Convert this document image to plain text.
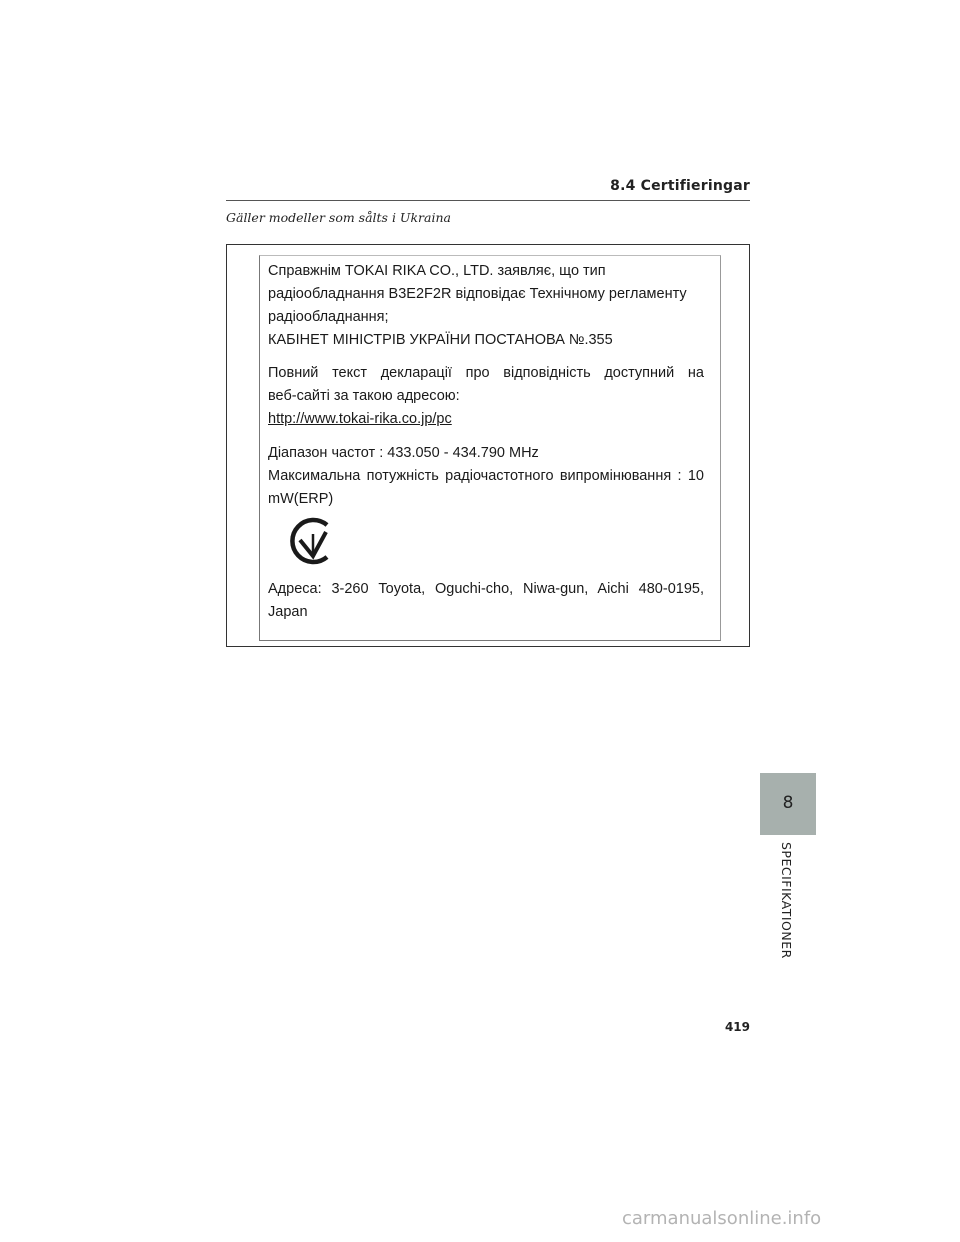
8.4 Certifieringar
Gäller modeller som sålts i Ukraina

Справжнім TOKAI RIKA CO., LTD. заявляє, що тип

радіообладнання B3E2F2R відповідає Технічному регламенту

радіообладнання;

КАБІНЕТ МІНІСТРІВ УКРАЇНИ ПОСТАНОВА №.355

Повний текст декларації про відповідність доступний на

веб-сайті за такою адресою:

http://www.tokai-rika.co.jp/pc

Діапазон частот : 433.050 - 434.790 MHz

Максимальна потужність радіочастотного випромінювання : 10

mW(ERP)

Адреса: 3-260 Toyota, Oguchi-cho, Niwa-gun, Aichi 480-0195,

Japan

8
SPECIFIKATIONER
419
carmanualsonline.info
